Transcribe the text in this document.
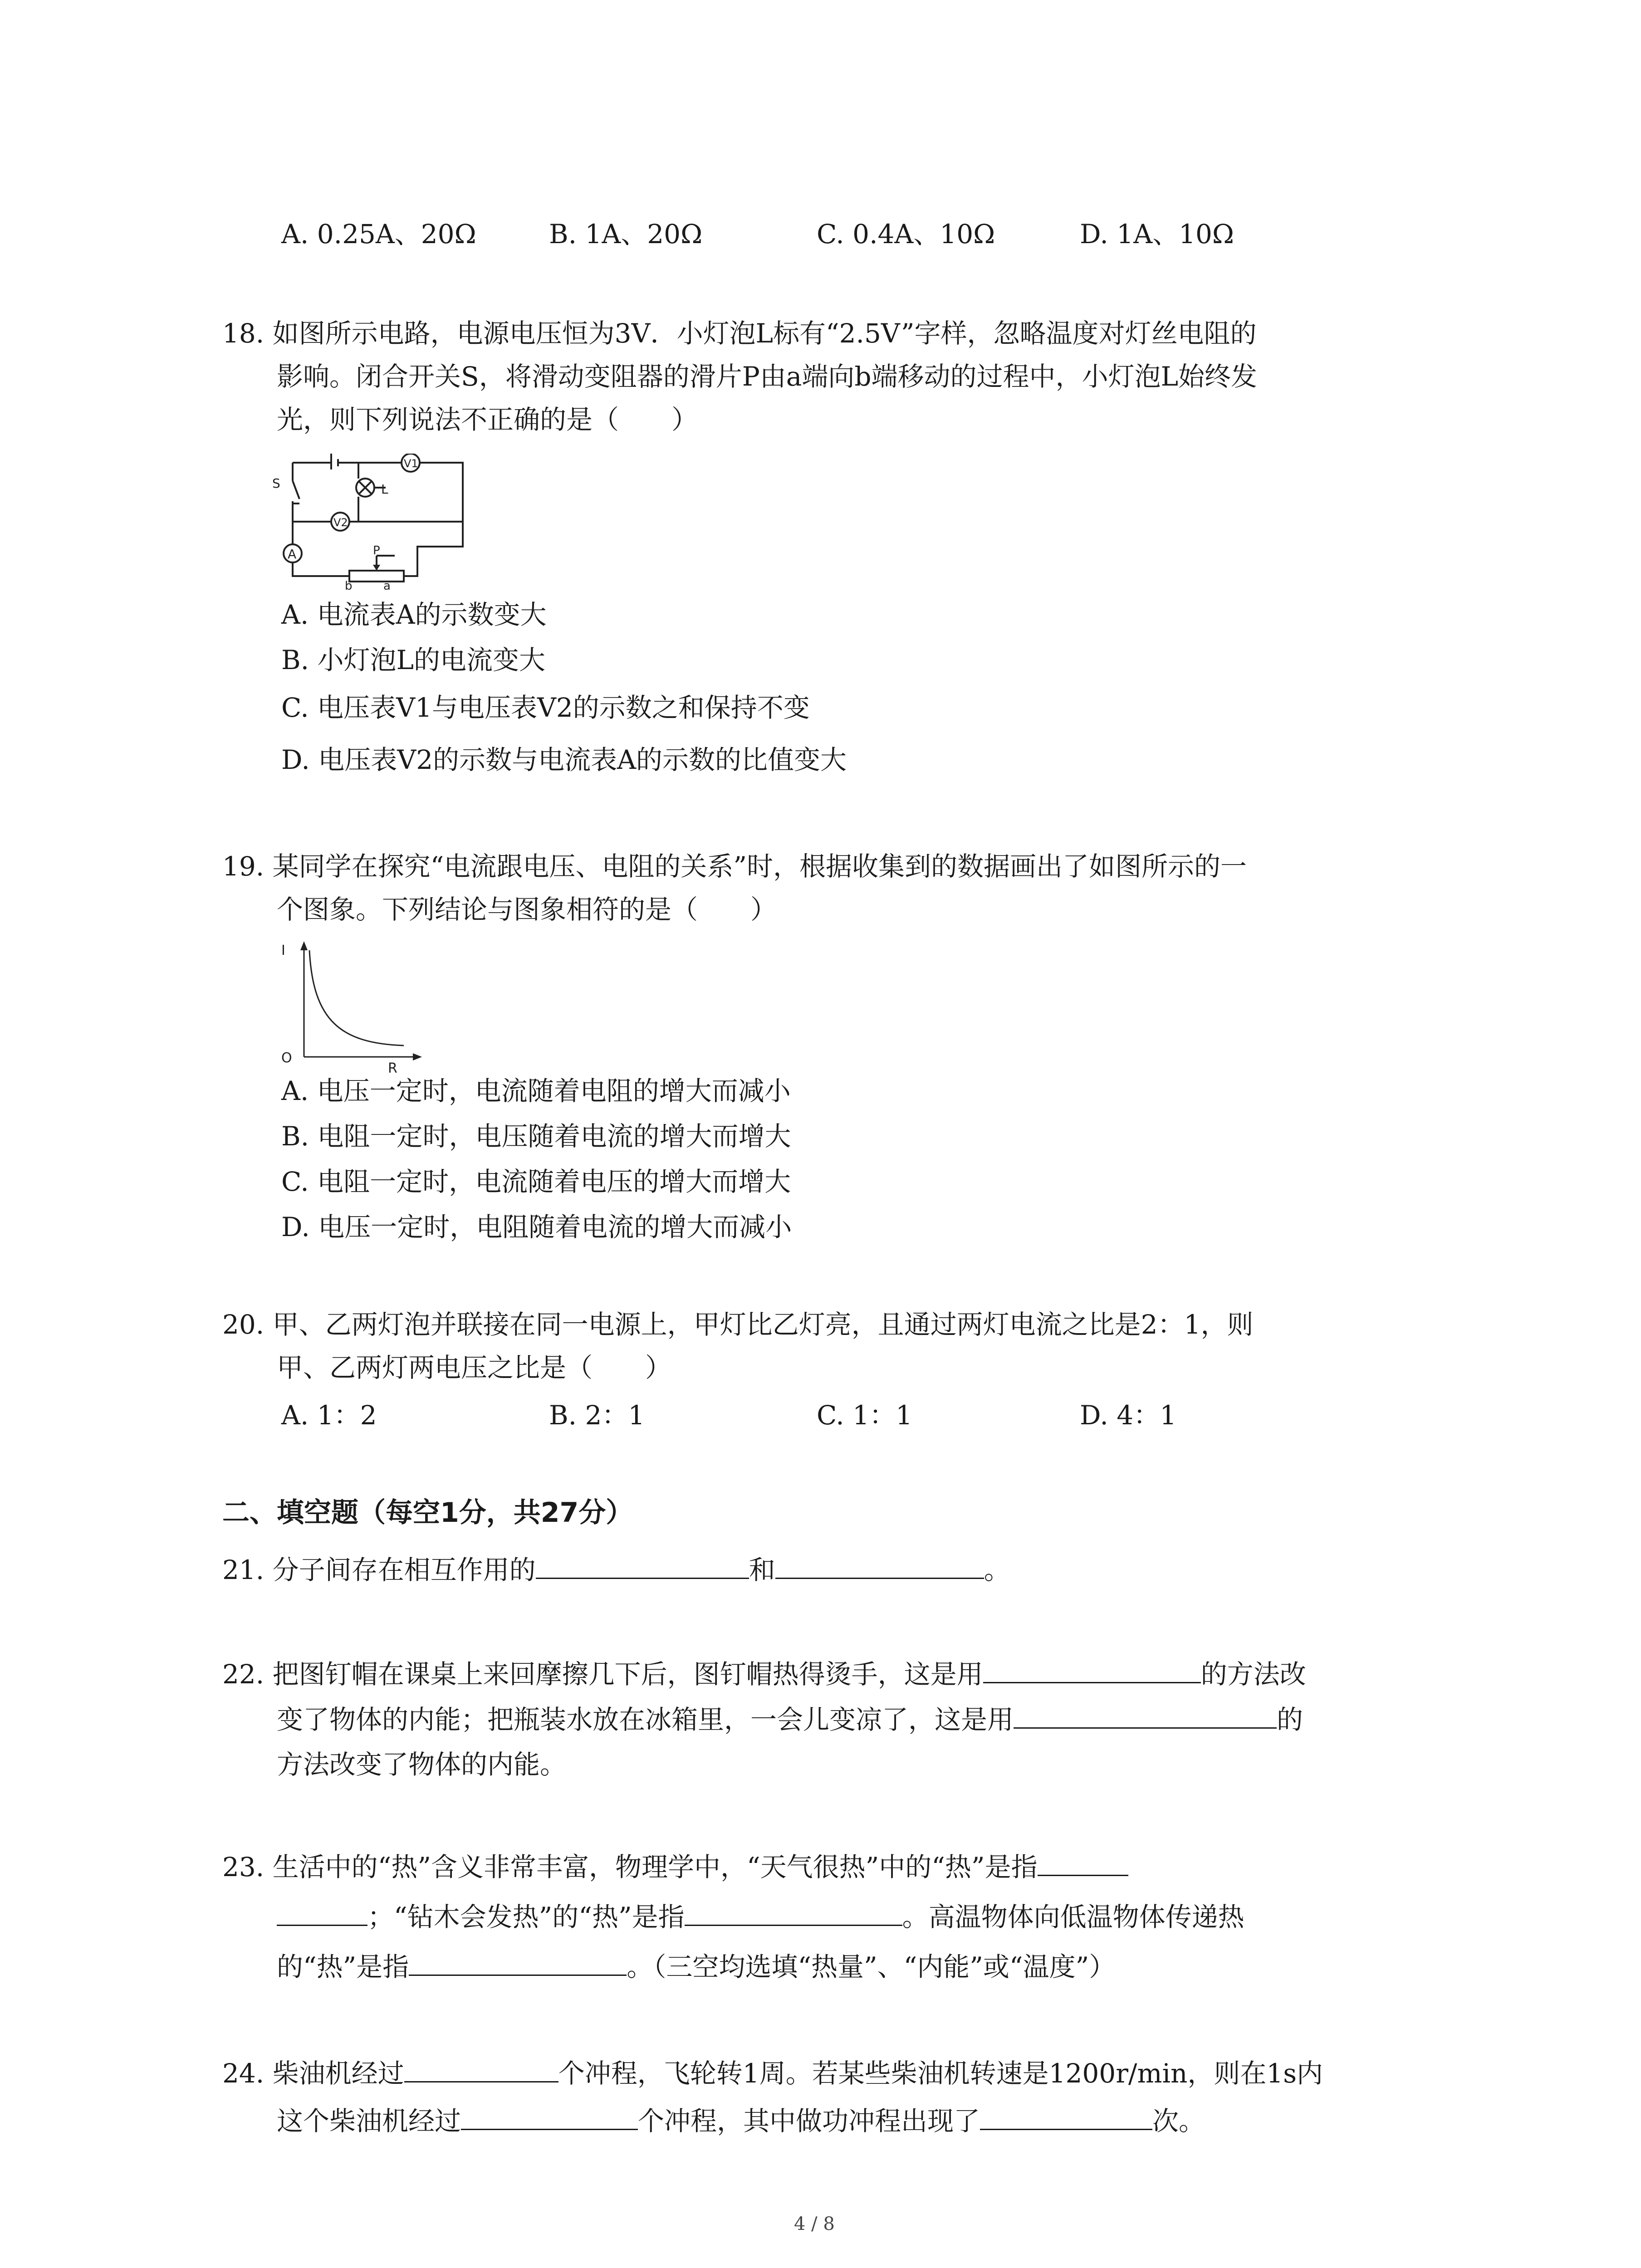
A. 0.25A、20Ω	B. 1A、20Ω	C. 0.4A、10Ω	D. 1A、10Ω
18. 如图所示电路，电源电压恒为3V．小灯泡L标有“2.5V”字样，忽略温度对灯丝电阻的
影响。闭合开关S，将滑动变阻器的滑片P由a端向b端移动的过程中，小灯泡L始终发
光，则下列说法不正确的是（　　）
S	L
V1
V2
A	P
b	a
A. 电流表A的示数变大
B. 小灯泡L的电流变大
C. 电压表V1与电压表V2的示数之和保持不变
D. 电压表V2的示数与电流表A的示数的比值变大
19. 某同学在探究“电流跟电压、电阻的关系”时，根据收集到的数据画出了如图所示的一
个图象。下列结论与图象相符的是（　　）
I
O
R
A. 电压一定时，电流随着电阻的增大而减小
B. 电阻一定时，电压随着电流的增大而增大
C. 电阻一定时，电流随着电压的增大而增大
D. 电压一定时，电阻随着电流的增大而减小
20. 甲、乙两灯泡并联接在同一电源上，甲灯比乙灯亮，且通过两灯电流之比是2：1，则
甲、乙两灯两电压之比是（　　）
A. 1：2	B. 2：1	C. 1：1	D. 4：1
二、填空题（每空1分，共27分）
21. 分子间存在相互作用的	和	。
22. 把图钉帽在课桌上来回摩擦几下后，图钉帽热得烫手，这是用	的方法改
变了物体的内能；把瓶装水放在冰箱里，一会儿变凉了，这是用	的
方法改变了物体的内能。
23. 生活中的“热”含义非常丰富，物理学中，“天气很热”中的“热”是指
；“钻木会发热”的“热”是指	。高温物体向低温物体传递热
的“热”是指	。（三空均选填“热量”、“内能”或“温度”）
24. 柴油机经过	个冲程，飞轮转1周。若某些柴油机转速是1200r/min，则在1s内
这个柴油机经过	个冲程，其中做功冲程出现了	次。
4 / 8
